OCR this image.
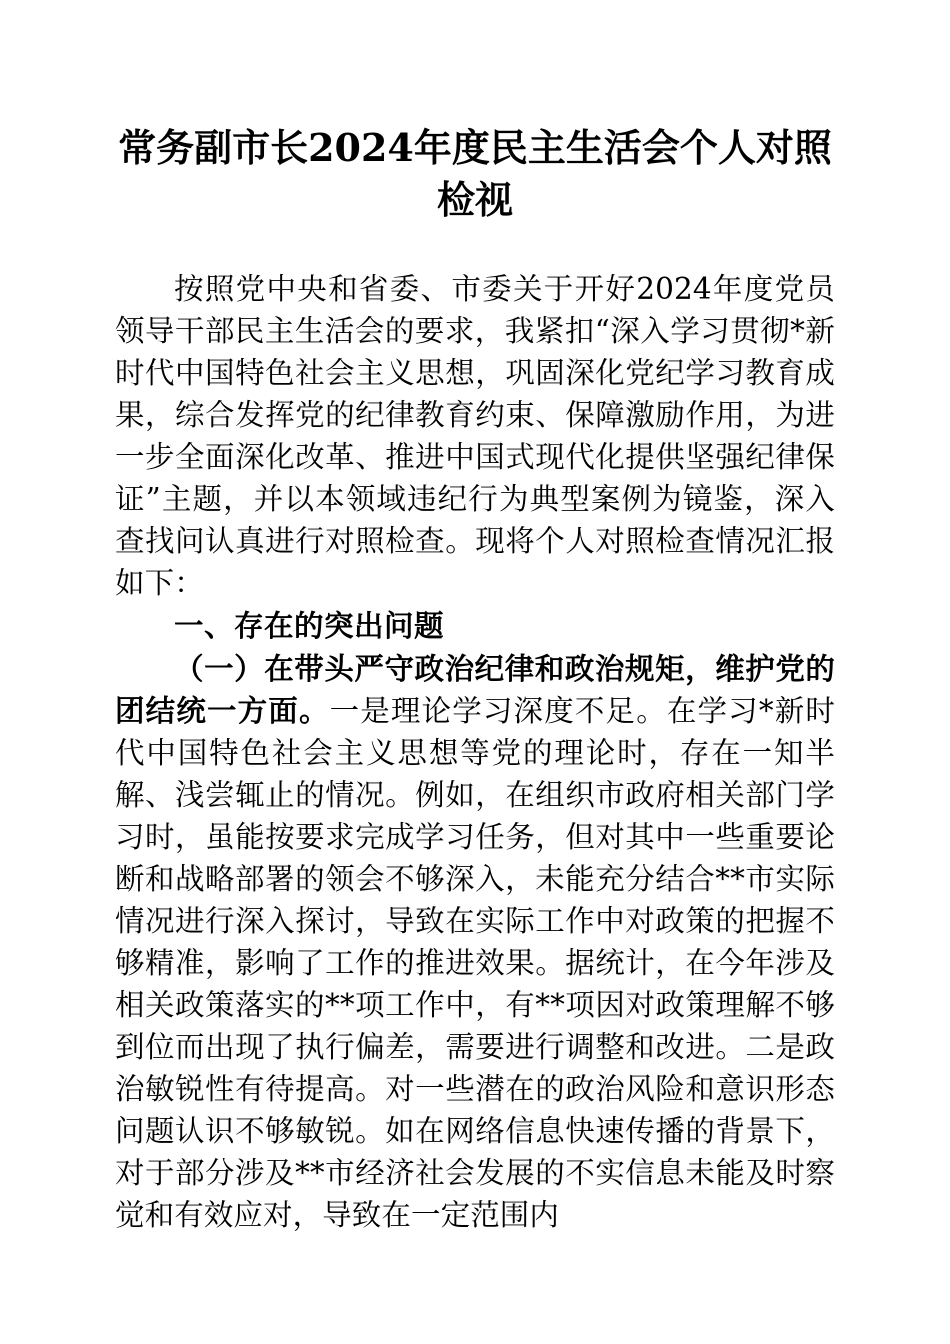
常务副市长2024年度民主生活会个人对照检视

按照党中央和省委、市委关于开好2024年度党员领导干部民主生活会的要求，我紧扣“深入学习贯彻*新时代中国特色社会主义思想，巩固深化党纪学习教育成果，综合发挥党的纪律教育约束、保障激励作用，为进一步全面深化改革、推进中国式现代化提供坚强纪律保证”主题，并以本领域违纪行为典型案例为镜鉴，深入查找问认真进行对照检查。现将个人对照检查情况汇报如下：

一、存在的突出问题

（一）在带头严守政治纪律和政治规矩，维护党的团结统一方面。一是理论学习深度不足。在学习*新时代中国特色社会主义思想等党的理论时，存在一知半解、浅尝辄止的情况。例如，在组织市政府相关部门学习时，虽能按要求完成学习任务，但对其中一些重要论断和战略部署的领会不够深入，未能充分结合**市实际情况进行深入探讨，导致在实际工作中对政策的把握不够精准，影响了工作的推进效果。据统计，在今年涉及相关政策落实的**项工作中，有**项因对政策理解不够到位而出现了执行偏差，需要进行调整和改进。二是政治敏锐性有待提高。对一些潜在的政治风险和意识形态问题认识不够敏锐。如在网络信息快速传播的背景下，对于部分涉及**市经济社会发展的不实信息未能及时察觉和有效应对，导致在一定范围内
